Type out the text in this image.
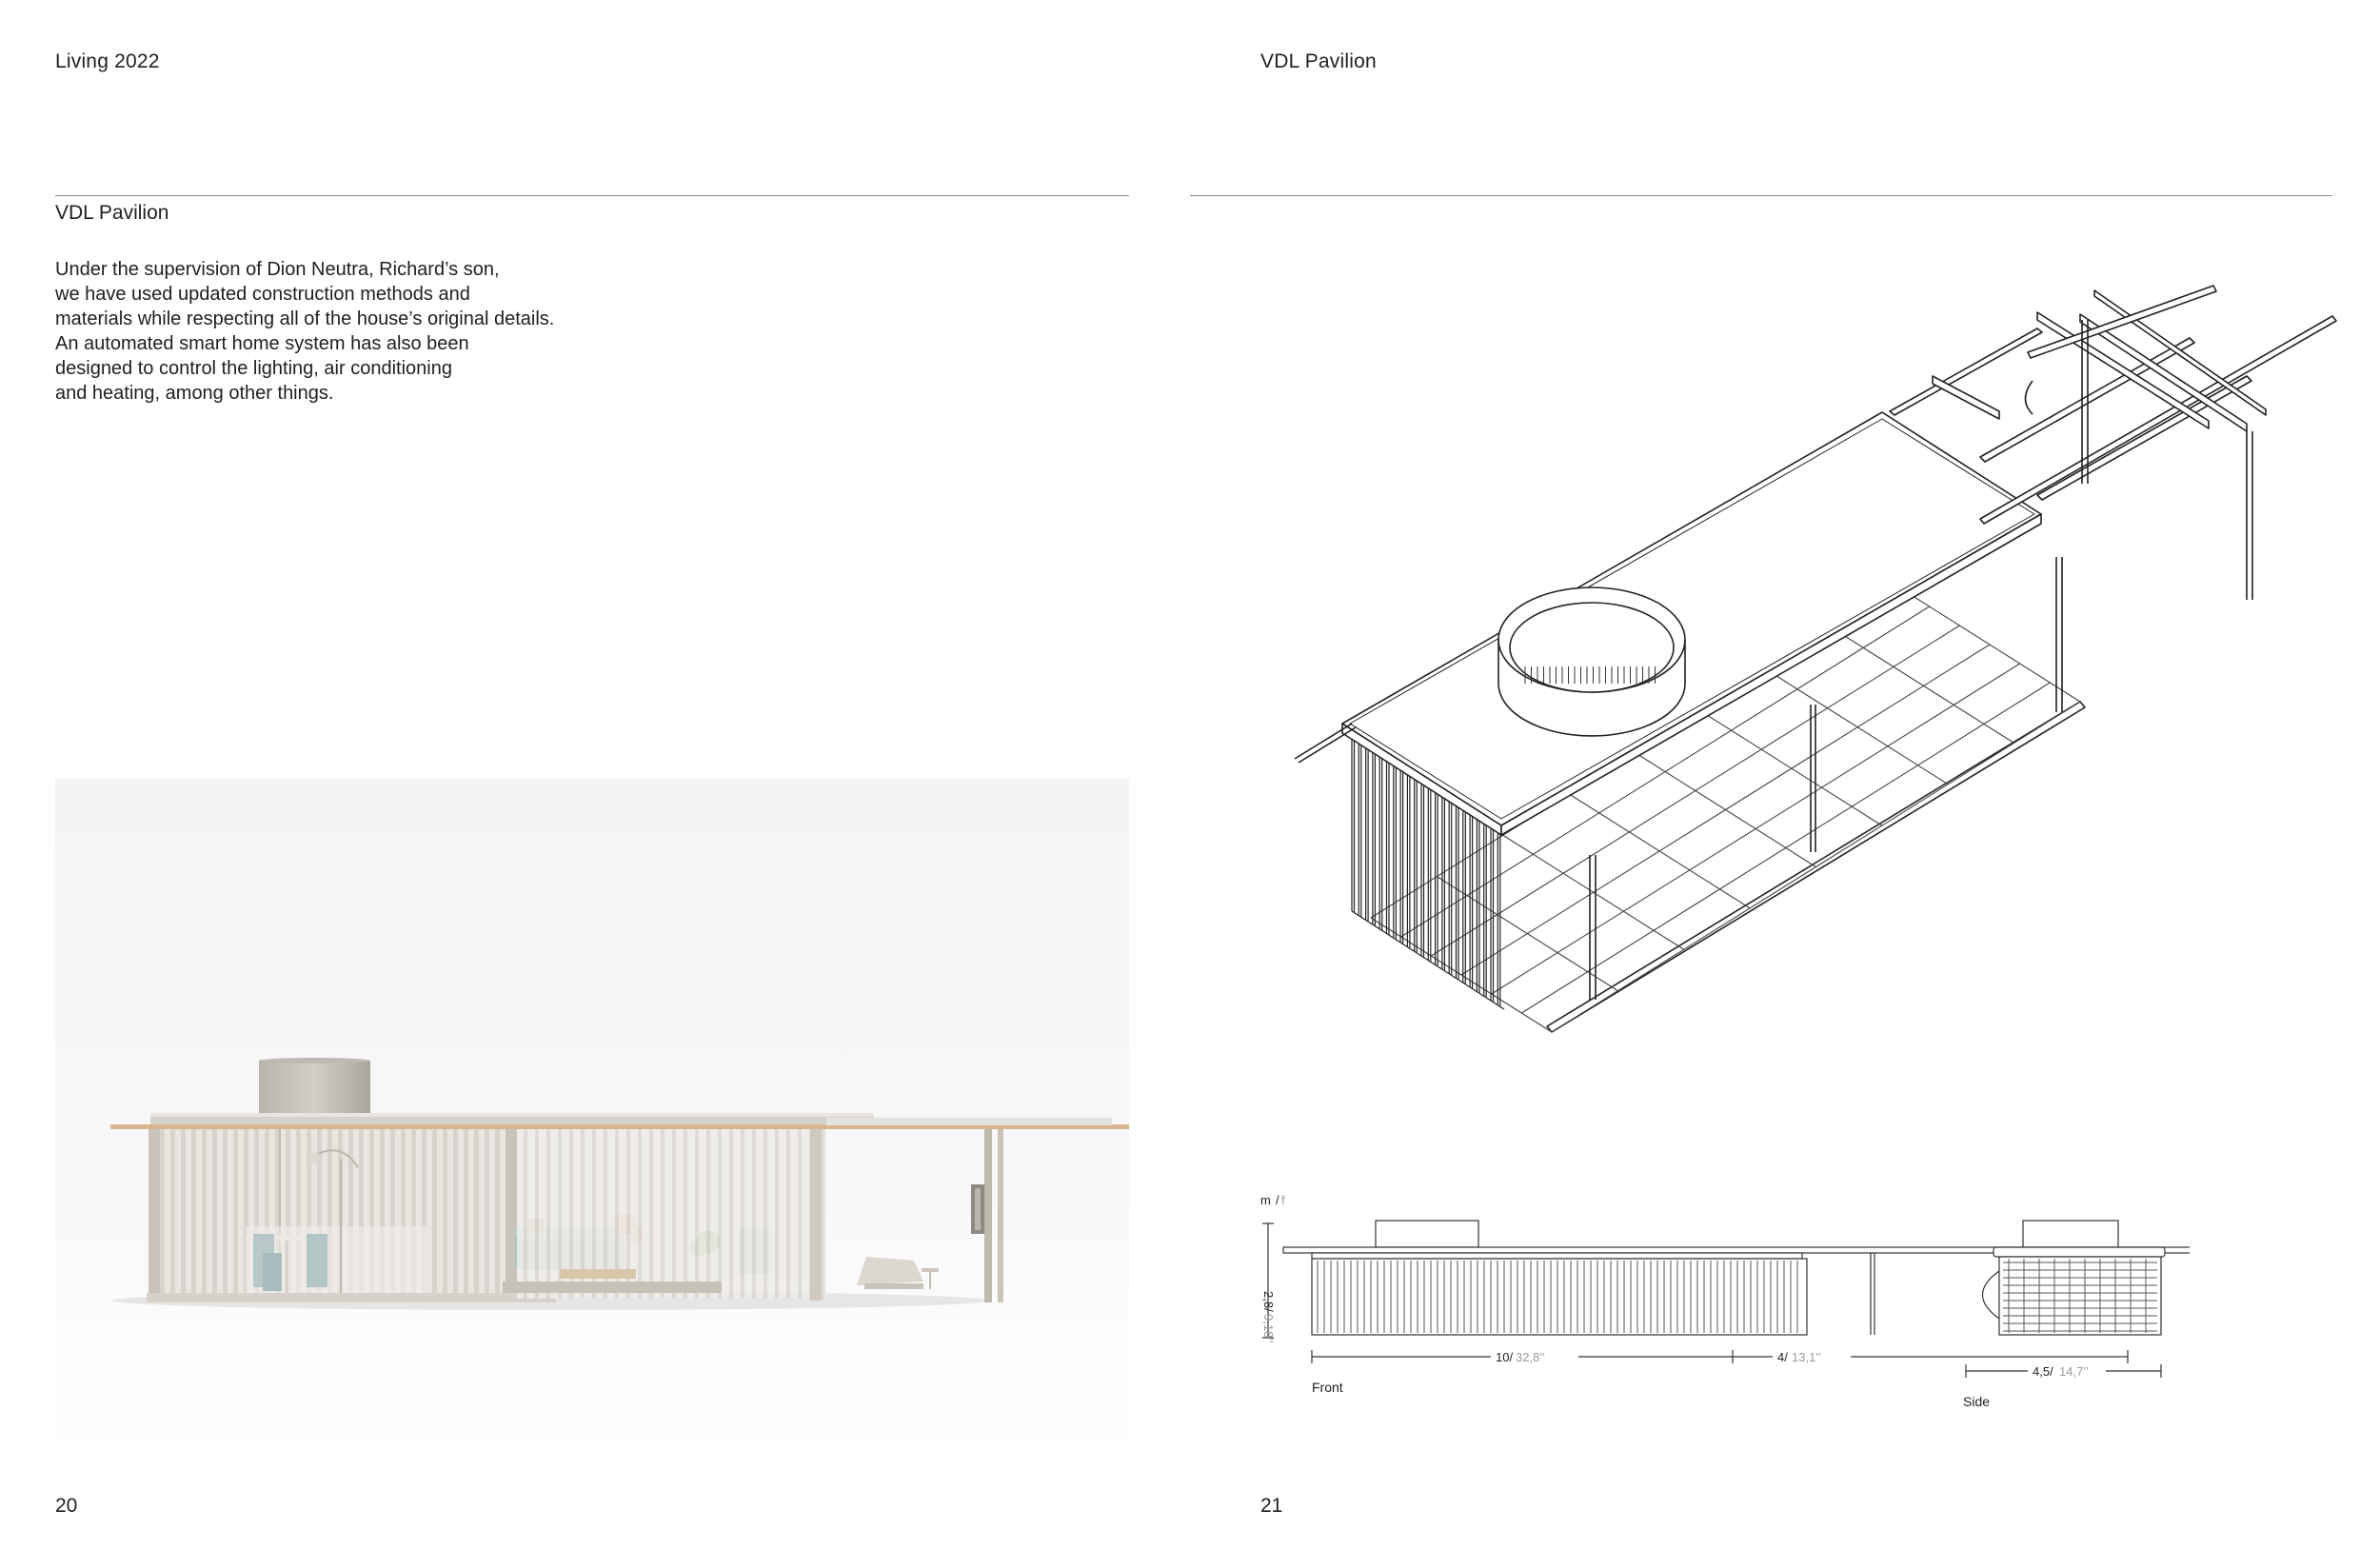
Living 2022
VDL Pavilion

Under the supervision of Dion Neutra, Richard’s son,
we have used updated construction methods and
materials while respecting all of the house’s original details.
An automated smart home system has also been
designed to control the lighting, air conditioning
and heating, among other things.

20
VDL Pavilion
21
m / f
2,8/
9,18’’
10/ 32,8’’	4/ 13,1’’
Front
4,5/ 14,7’’
Side
